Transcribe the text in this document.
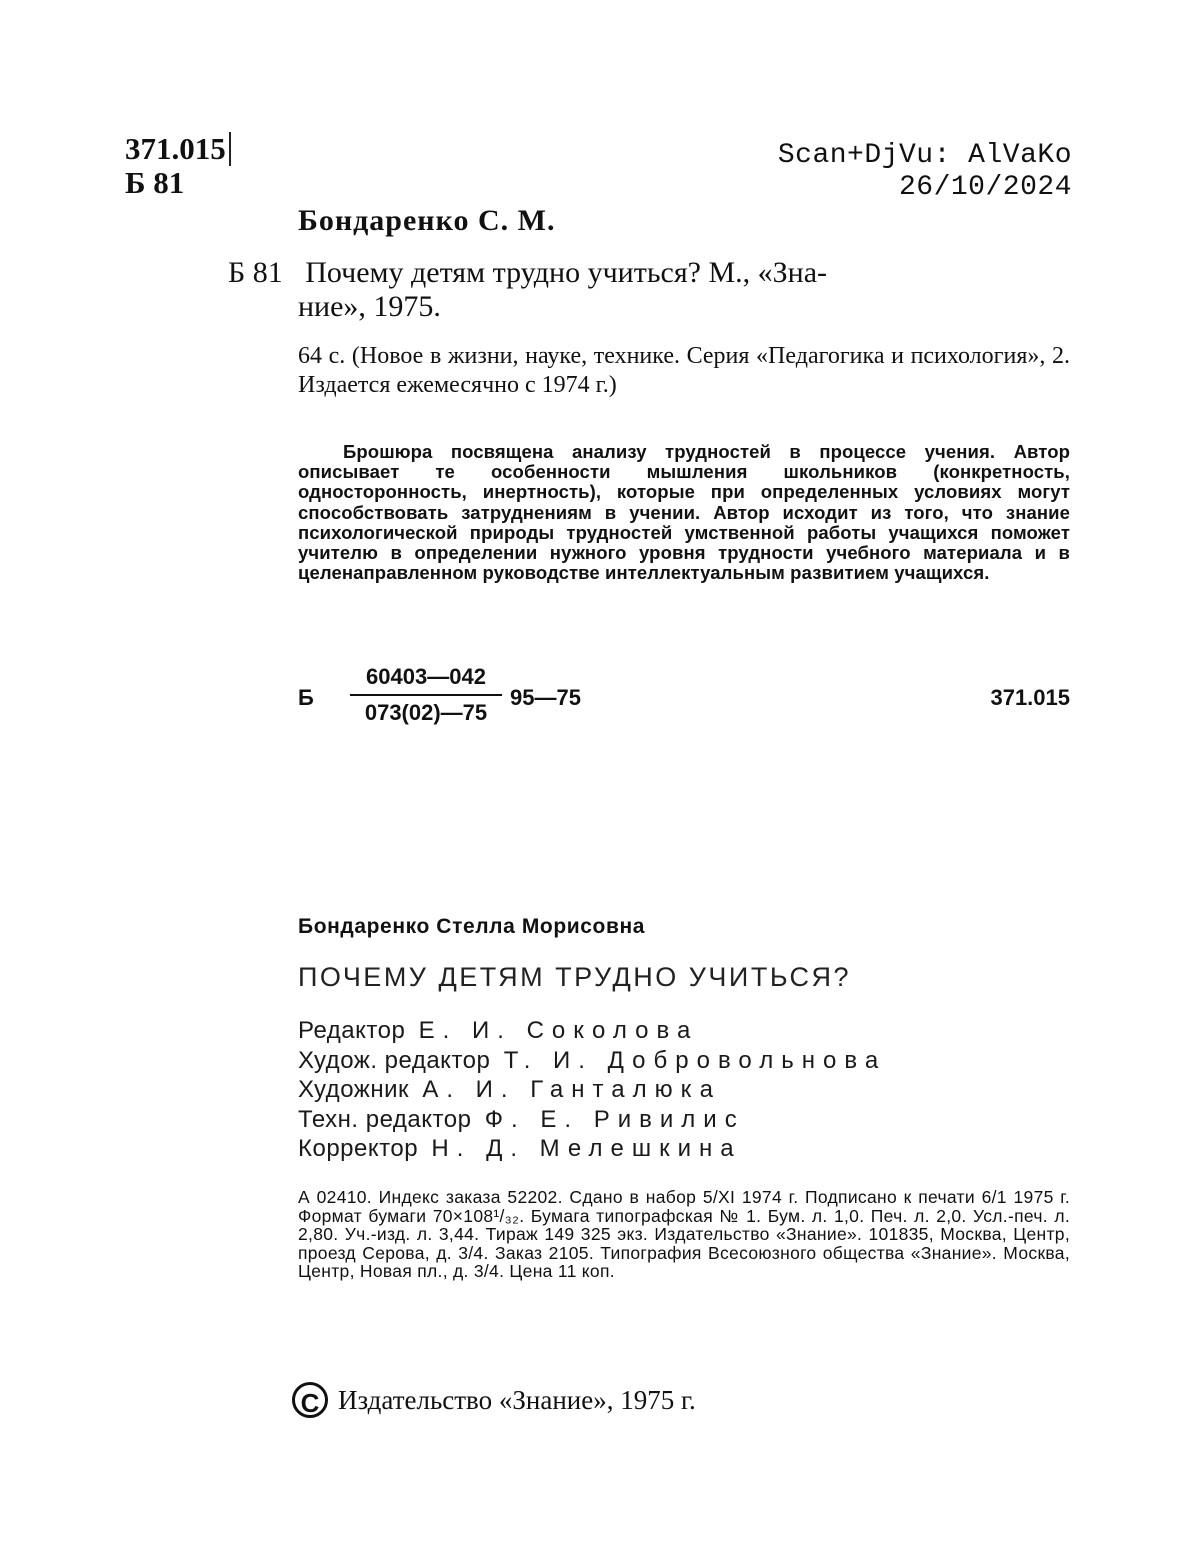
371.015
Б 81
Scan+DjVu: AlVaKo
26/10/2024
Бондаренко С. М.
Б 81 Почему детям трудно учиться? М., «Зна-
ние», 1975.
64 с. (Новое в жизни, науке, технике. Серия «Педагогика и психология», 2. Издается ежемесячно с 1974 г.)
Брошюра посвящена анализу трудностей в процессе учения. Автор описывает те особенности мышления школьников (конкретность, односторонность, инертность), которые при определенных условиях могут способствовать затруднениям в учении. Автор исходит из того, что знание психологической природы трудностей умственной работы учащихся поможет учителю в определении нужного уровня трудности учебного материала и в целенаправленном руководстве интеллектуальным развитием учащихся.
Б
60403—042
073(02)—75
95—75	371.015
Бондаренко Стелла Морисовна
ПОЧЕМУ ДЕТЯМ ТРУДНО УЧИТЬСЯ?
Редактор Е. И. Соколова
Худож. редактор Т. И. Добровольнова
Художник А. И. Ганталюка
Техн. редактор Ф. Е. Ривилис
Корректор Н. Д. Мелешкина
А 02410. Индекс заказа 52202. Сдано в набор 5/XI 1974 г. Подписано к печати 6/1 1975 г. Формат бумаги 70×108¹/₃₂. Бумага типографская № 1. Бум. л. 1,0. Печ. л. 2,0. Усл.-печ. л. 2,80. Уч.-изд. л. 3,44. Тираж 149 325 экз. Издательство «Знание». 101835, Москва, Центр, проезд Серова, д. 3/4. Заказ 2105. Типография Всесоюзного общества «Знание». Москва, Центр, Новая пл., д. 3/4. Цена 11 коп.
C Издательство «Знание», 1975 г.
